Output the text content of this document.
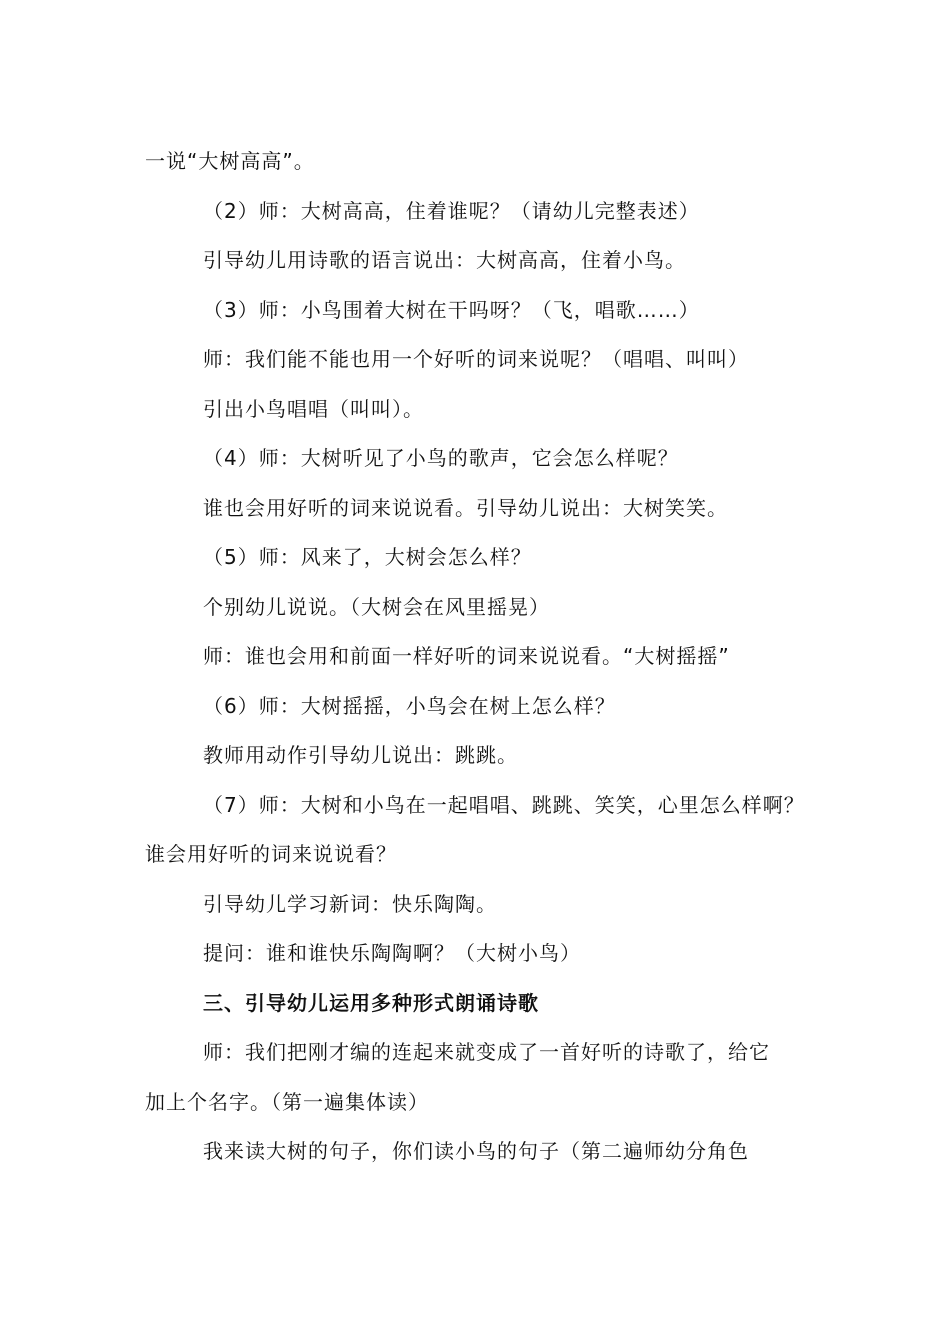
一说“大树高高”。
（2）师：大树高高，住着谁呢？（请幼儿完整表述）
引导幼儿用诗歌的语言说出：大树高高，住着小鸟。
（3）师：小鸟围着大树在干吗呀？（飞，唱歌……）
师：我们能不能也用一个好听的词来说呢？（唱唱、叫叫）
引出小鸟唱唱（叫叫）。
（4）师：大树听见了小鸟的歌声，它会怎么样呢？
谁也会用好听的词来说说看。引导幼儿说出：大树笑笑。
（5）师：风来了，大树会怎么样？
个别幼儿说说。（大树会在风里摇晃）
师：谁也会用和前面一样好听的词来说说看。“大树摇摇”
（6）师：大树摇摇，小鸟会在树上怎么样？
教师用动作引导幼儿说出：跳跳。
（7）师：大树和小鸟在一起唱唱、跳跳、笑笑，心里怎么样啊？
谁会用好听的词来说说看？
引导幼儿学习新词：快乐陶陶。
提问：谁和谁快乐陶陶啊？（大树小鸟）
三、引导幼儿运用多种形式朗诵诗歌
师：我们把刚才编的连起来就变成了一首好听的诗歌了，给它
加上个名字。（第一遍集体读）
我来读大树的句子，你们读小鸟的句子（第二遍师幼分角色
